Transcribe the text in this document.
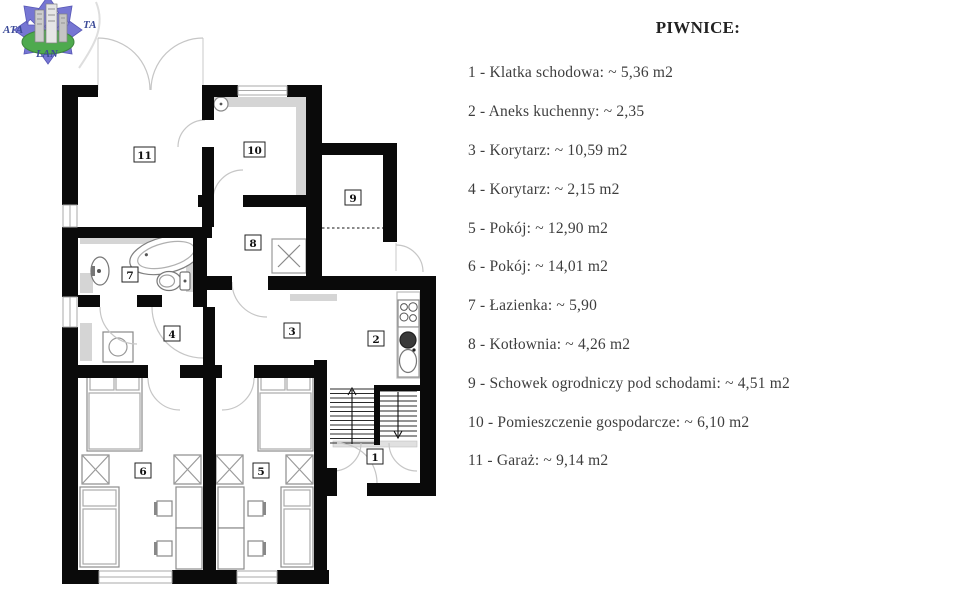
1
2
3
4
5
6
7
8
9
10
11
ATA	TA
LAN
PIWNICE:
1 - Klatka schodowa: ~ 5,36 m2
2 - Aneks kuchenny: ~ 2,35
3 - Korytarz: ~ 10,59 m2
4 - Korytarz: ~ 2,15 m2
5 - Pokój: ~ 12,90 m2
6 - Pokój: ~ 14,01 m2
7 - Łazienka: ~ 5,90
8 - Kotłownia: ~ 4,26 m2
9 - Schowek ogrodniczy pod schodami: ~ 4,51 m2
10 - Pomieszczenie gospodarcze: ~ 6,10 m2
11 - Garaż: ~ 9,14 m2
